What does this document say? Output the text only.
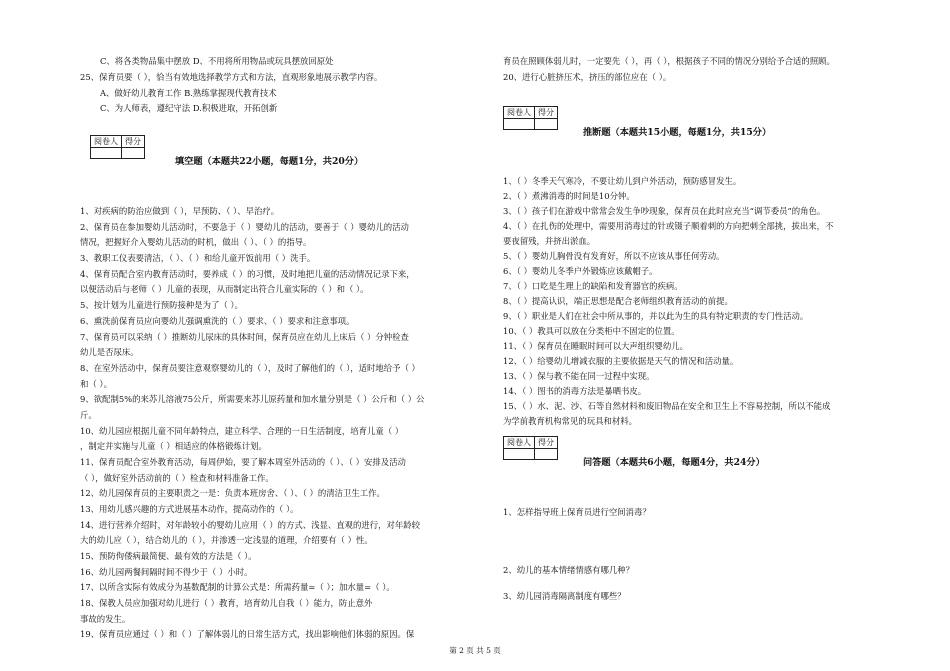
C、将各类物品集中摆放 D、不用将所用物品或玩具摆放回原处
25、保育员要（ ），恰当有效地选择教学方式和方法，直观形象地展示教学内容。
A、做好幼儿教育工作 B.熟练掌握现代教育技术
C、为人师表，遵纪守法 D.积极进取，开拓创新
阅卷人	得分

填空题（本题共22小题，每题1分，共20分）
1、对疾病的防治应做到（ ），早预防、（ ）、早治疗。
2、保育员在参加婴幼儿活动时，不要急于（ ）婴幼儿的活动，要善于（ ）婴幼儿的活动
情况，把握好介入婴幼儿活动的时机，做出（ ）、（ ）的指导。
3、教职工仪表要清洁，（ ）、（ ）和给儿童开饭前用（ ）洗手。
4、保育员配合室内教育活动时，要养成（ ）的习惯，及时地把儿童的活动情况记录下来，
以便活动后与老师（ ）儿童的表现，从而制定出符合儿童实际的（ ）和（ ）。
5、按计划为儿童进行预防接种是为了（ ）。
6、熏洗前保育员应向婴幼儿强调熏洗的（ ）要求、（ ）要求和注意事项。
7、保育员可以采纳（ ）推断幼儿尿床的具体时间，保育员应在幼儿上床后（ ）分钟检查
幼儿是否尿床。
8、在室外活动中，保育员要注意观察婴幼儿的（ ），及时了解他们的（ ），适时地给予（ ）
和（ ）。
9、欲配制5%的来苏儿溶液75公斤，所需要来苏儿原药量和加水量分别是（ ）公斤和（ ）公
斤。
10、幼儿园应根据儿童不同年龄特点，建立科学、合理的一日生活制度，培育儿童（ ）
，制定并实施与儿童（ ）相适应的体格锻炼计划。
11、保育员配合室外教育活动，每周伊始，要了解本周室外活动的（ ）、（ ）安排及活动
（ ），做好室外活动前的（ ）检查和材料准备工作。
12、幼儿园保育员的主要职责之一是：负责本班房舍、（ ）、（ ）的清洁卫生工作。
13、用幼儿感兴趣的方式进展基本动作，提高动作的（ ）。
14、进行营养介绍时，对年龄较小的婴幼儿应用（ ）的方式、浅显、直观的进行，对年龄较
大的幼儿应（ ），结合幼儿的（ ），并渗透一定浅显的道理，介绍要有（ ）性。
15、预防佝偻病最简便、最有效的方法是（ ）。
16、幼儿园两餐间隔时间不得少于（ ）小时。
17、以所含实际有效成分为基数配制的计算公式是：所需药量=（ ）；加水量=（ ）。
18、保教人员应加强对幼儿进行（ ）教育，培育幼儿自我（ ）能力，防止意外
事故的发生。
19、保育员应通过（ ）和（ ）了解体弱儿的日常生活方式，找出影响他们体弱的原因。保
育员在照顾体弱儿时，一定要先（ ），再（ ），根据孩子不同的情况分别给予合适的照顾。
20、进行心脏挤压术，挤压的部位应在（ ）。
阅卷人	得分

推断题（本题共15小题，每题1分，共15分）
1、（ ）冬季天气寒冷，不要让幼儿到户外活动，预防感冒发生。
2、（ ）煮沸消毒的时间是10分钟。
3、（ ）孩子们在游戏中常常会发生争吵现象，保育员在此时应充当“调节委员”的角色。
4、（ ）在扎伤的处理中，需要用消毒过的针或镊子顺着刺的方向把刺全部挑，拔出来，不
要夜留残，并挤出淤血。
5、（ ）婴幼儿胸骨没有发育好，所以不应该从事任何劳动。
6、（ ）婴幼儿冬季户外锻炼应该戴帽子。
7、（ ）口吃是生理上的缺陷和发育器官的疾病。
8、（ ）提高认识，端正思想是配合老师组织教育活动的前提。
9、（ ）职业是人们在社会中所从事的，并以此为生的具有特定职责的专门性活动。
10、（ ）教具可以放在分类柜中不固定的位置。
11、（ ）保育员在睡眠时间可以大声组织婴幼儿。
12、（ ）给婴幼儿增减衣服的主要依据是天气的情况和活动量。
13、（ ）保与教不能在同一过程中实现。
14、（ ）图书的消毒方法是暴晒书皮。
15、（ ）水、泥、沙、石等自然材料和废旧物品在安全和卫生上不容易控制，所以不能成
为学前教育机构常见的玩具和材料。
阅卷人	得分

问答题（本题共6小题，每题4分，共24分）
1、怎样指导班上保育员进行空间消毒？
2、幼儿的基本情绪情感有哪几种？
3、幼儿园消毒隔离制度有哪些？
第 2 页 共 5 页
